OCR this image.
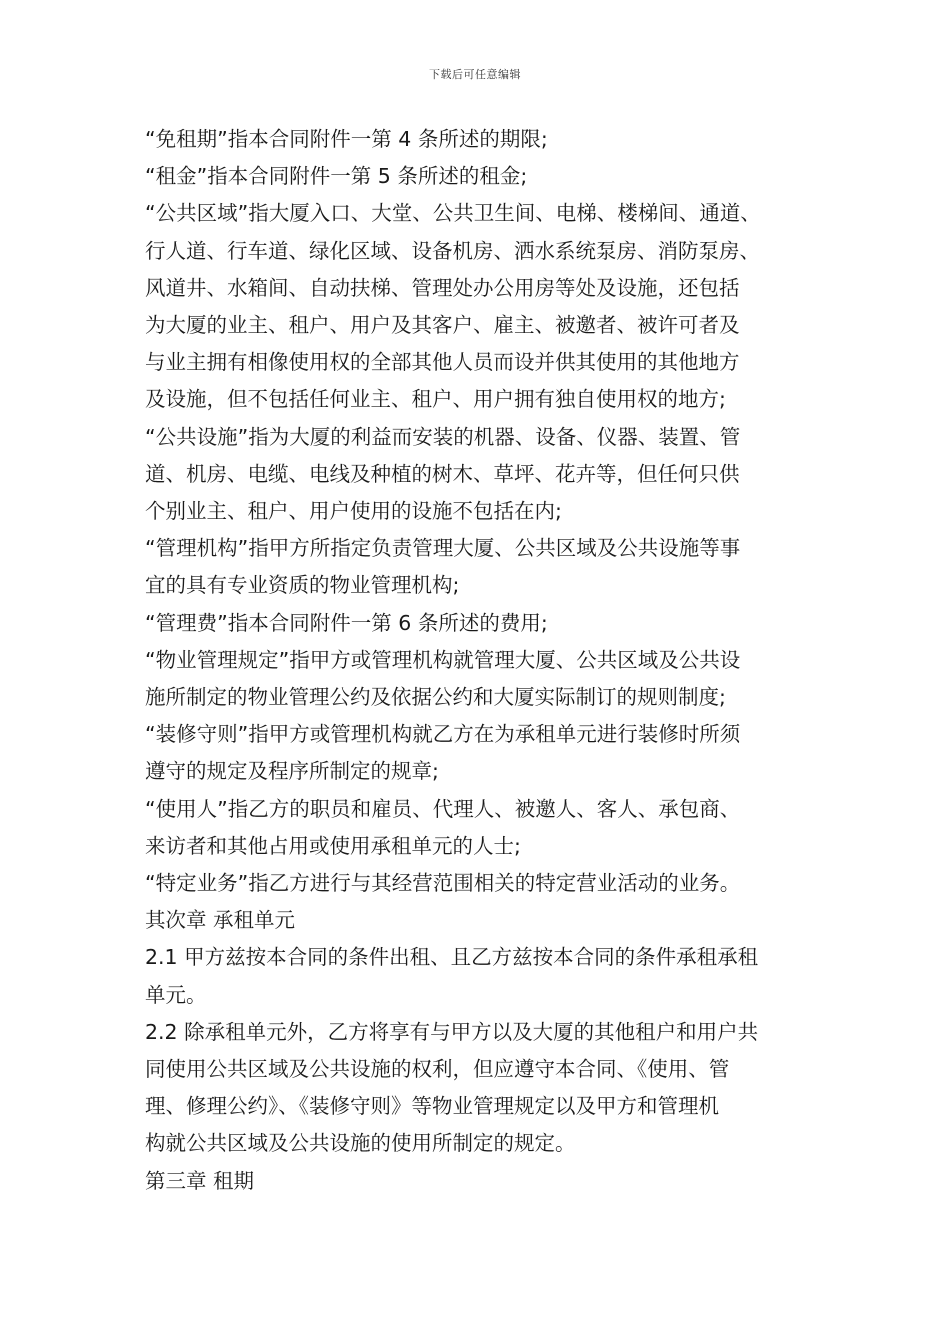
下载后可任意编辑

“免租期”指本合同附件一第 4 条所述的期限;

“租金”指本合同附件一第 5 条所述的租金;

“公共区域”指大厦入口、大堂、公共卫生间、电梯、楼梯间、通道、

行人道、行车道、绿化区域、设备机房、洒水系统泵房、消防泵房、

风道井、水箱间、自动扶梯、管理处办公用房等处及设施，还包括

为大厦的业主、租户、用户及其客户、雇主、被邀者、被许可者及

与业主拥有相像使用权的全部其他人员而设并供其使用的其他地方

及设施，但不包括任何业主、租户、用户拥有独自使用权的地方;

“公共设施”指为大厦的利益而安装的机器、设备、仪器、装置、管

道、机房、电缆、电线及种植的树木、草坪、花卉等，但任何只供

个别业主、租户、用户使用的设施不包括在内;

“管理机构”指甲方所指定负责管理大厦、公共区域及公共设施等事

宜的具有专业资质的物业管理机构;

“管理费”指本合同附件一第 6 条所述的费用;

“物业管理规定”指甲方或管理机构就管理大厦、公共区域及公共设

施所制定的物业管理公约及依据公约和大厦实际制订的规则制度;

“装修守则”指甲方或管理机构就乙方在为承租单元进行装修时所须

遵守的规定及程序所制定的规章;

“使用人”指乙方的职员和雇员、代理人、被邀人、客人、承包商、

来访者和其他占用或使用承租单元的人士;

“特定业务”指乙方进行与其经营范围相关的特定营业活动的业务。

其次章 承租单元

2.1 甲方兹按本合同的条件出租、且乙方兹按本合同的条件承租承租

单元。

2.2 除承租单元外，乙方将享有与甲方以及大厦的其他租户和用户共

同使用公共区域及公共设施的权利，但应遵守本合同、《使用、管

理、修理公约》、《装修守则》等物业管理规定以及甲方和管理机

构就公共区域及公共设施的使用所制定的规定。

第三章 租期
